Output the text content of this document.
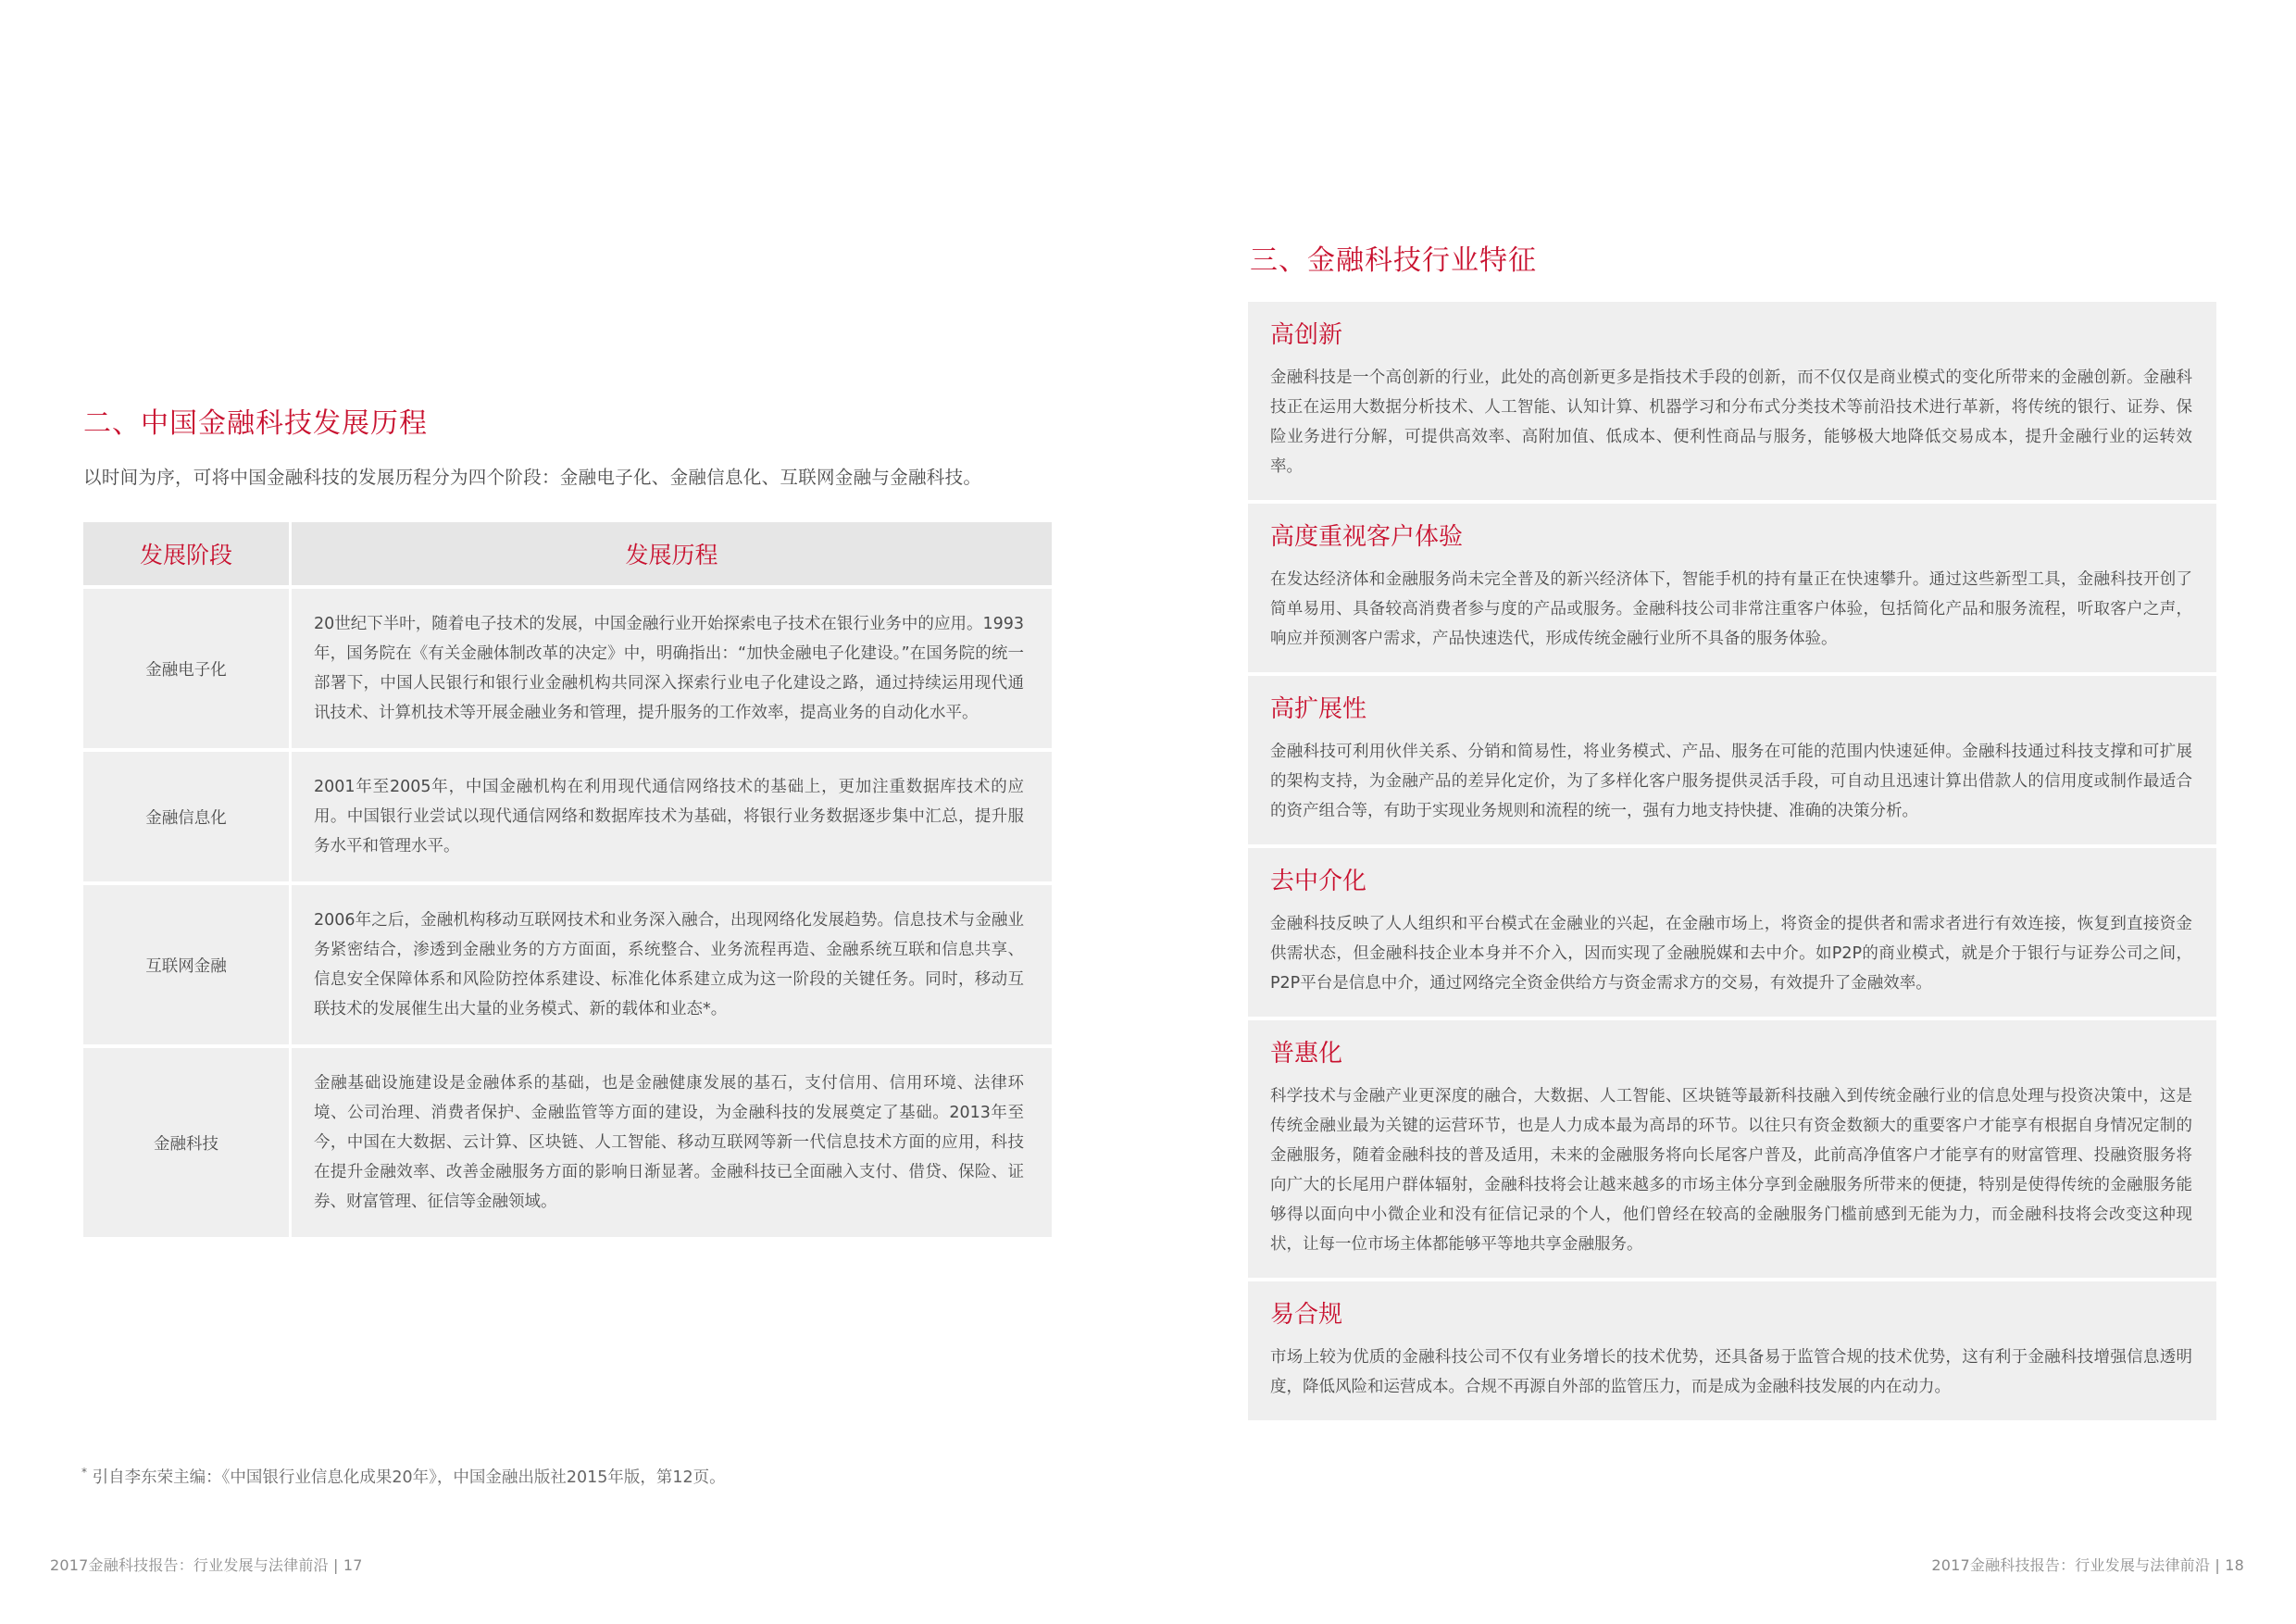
二、中国金融科技发展历程

以时间为序，可将中国金融科技的发展历程分为四个阶段：金融电子化、金融信息化、互联网金融与金融科技。

发展阶段	发展历程
金融电子化	20世纪下半叶，随着电子技术的发展，中国金融行业开始探索电子技术在银行业务中的应用。1993年，国务院在《有关金融体制改革的决定》中，明确指出：“加快金融电子化建设。”在国务院的统一部署下，中国人民银行和银行业金融机构共同深入探索行业电子化建设之路，通过持续运用现代通讯技术、计算机技术等开展金融业务和管理，提升服务的工作效率，提高业务的自动化水平。
金融信息化	2001年至2005年，中国金融机构在利用现代通信网络技术的基础上，更加注重数据库技术的应用。中国银行业尝试以现代通信网络和数据库技术为基础，将银行业务数据逐步集中汇总，提升服务水平和管理水平。
互联网金融	2006年之后，金融机构移动互联网技术和业务深入融合，出现网络化发展趋势。信息技术与金融业务紧密结合，渗透到金融业务的方方面面，系统整合、业务流程再造、金融系统互联和信息共享、信息安全保障体系和风险防控体系建设、标准化体系建立成为这一阶段的关键任务。同时，移动互联技术的发展催生出大量的业务模式、新的载体和业态*。
金融科技	金融基础设施建设是金融体系的基础，也是金融健康发展的基石，支付信用、信用环境、法律环境、公司治理、消费者保护、金融监管等方面的建设，为金融科技的发展奠定了基础。2013年至今，中国在大数据、云计算、区块链、人工智能、移动互联网等新一代信息技术方面的应用，科技在提升金融效率、改善金融服务方面的影响日渐显著。金融科技已全面融入支付、借贷、保险、证券、财富管理、征信等金融领域。

* 引自李东荣主编：《中国银行业信息化成果20年》，中国金融出版社2015年版，第12页。

2017金融科技报告：行业发展与法律前沿 | 17

三、金融科技行业特征
高创新

金融科技是一个高创新的行业，此处的高创新更多是指技术手段的创新，而不仅仅是商业模式的变化所带来的金融创新。金融科技正在运用大数据分析技术、人工智能、认知计算、机器学习和分布式分类技术等前沿技术进行革新，将传统的银行、证券、保险业务进行分解，可提供高效率、高附加值、低成本、便利性商品与服务，能够极大地降低交易成本，提升金融行业的运转效率。

高度重视客户体验

在发达经济体和金融服务尚未完全普及的新兴经济体下，智能手机的持有量正在快速攀升。通过这些新型工具，金融科技开创了简单易用、具备较高消费者参与度的产品或服务。金融科技公司非常注重客户体验，包括简化产品和服务流程，听取客户之声，响应并预测客户需求，产品快速迭代，形成传统金融行业所不具备的服务体验。

高扩展性

金融科技可利用伙伴关系、分销和简易性，将业务模式、产品、服务在可能的范围内快速延伸。金融科技通过科技支撑和可扩展的架构支持，为金融产品的差异化定价，为了多样化客户服务提供灵活手段，可自动且迅速计算出借款人的信用度或制作最适合的资产组合等，有助于实现业务规则和流程的统一，强有力地支持快捷、准确的决策分析。

去中介化

金融科技反映了人人组织和平台模式在金融业的兴起，在金融市场上，将资金的提供者和需求者进行有效连接，恢复到直接资金供需状态，但金融科技企业本身并不介入，因而实现了金融脱媒和去中介。如P2P的商业模式，就是介于银行与证券公司之间，P2P平台是信息中介，通过网络完全资金供给方与资金需求方的交易，有效提升了金融效率。

普惠化

科学技术与金融产业更深度的融合，大数据、人工智能、区块链等最新科技融入到传统金融行业的信息处理与投资决策中，这是传统金融业最为关键的运营环节，也是人力成本最为高昂的环节。以往只有资金数额大的重要客户才能享有根据自身情况定制的金融服务，随着金融科技的普及适用，未来的金融服务将向长尾客户普及，此前高净值客户才能享有的财富管理、投融资服务将向广大的长尾用户群体辐射，金融科技将会让越来越多的市场主体分享到金融服务所带来的便捷，特别是使得传统的金融服务能够得以面向中小微企业和没有征信记录的个人，他们曾经在较高的金融服务门槛前感到无能为力，而金融科技将会改变这种现状，让每一位市场主体都能够平等地共享金融服务。

易合规

市场上较为优质的金融科技公司不仅有业务增长的技术优势，还具备易于监管合规的技术优势，这有利于金融科技增强信息透明度，降低风险和运营成本。合规不再源自外部的监管压力，而是成为金融科技发展的内在动力。

2017金融科技报告：行业发展与法律前沿 | 18
